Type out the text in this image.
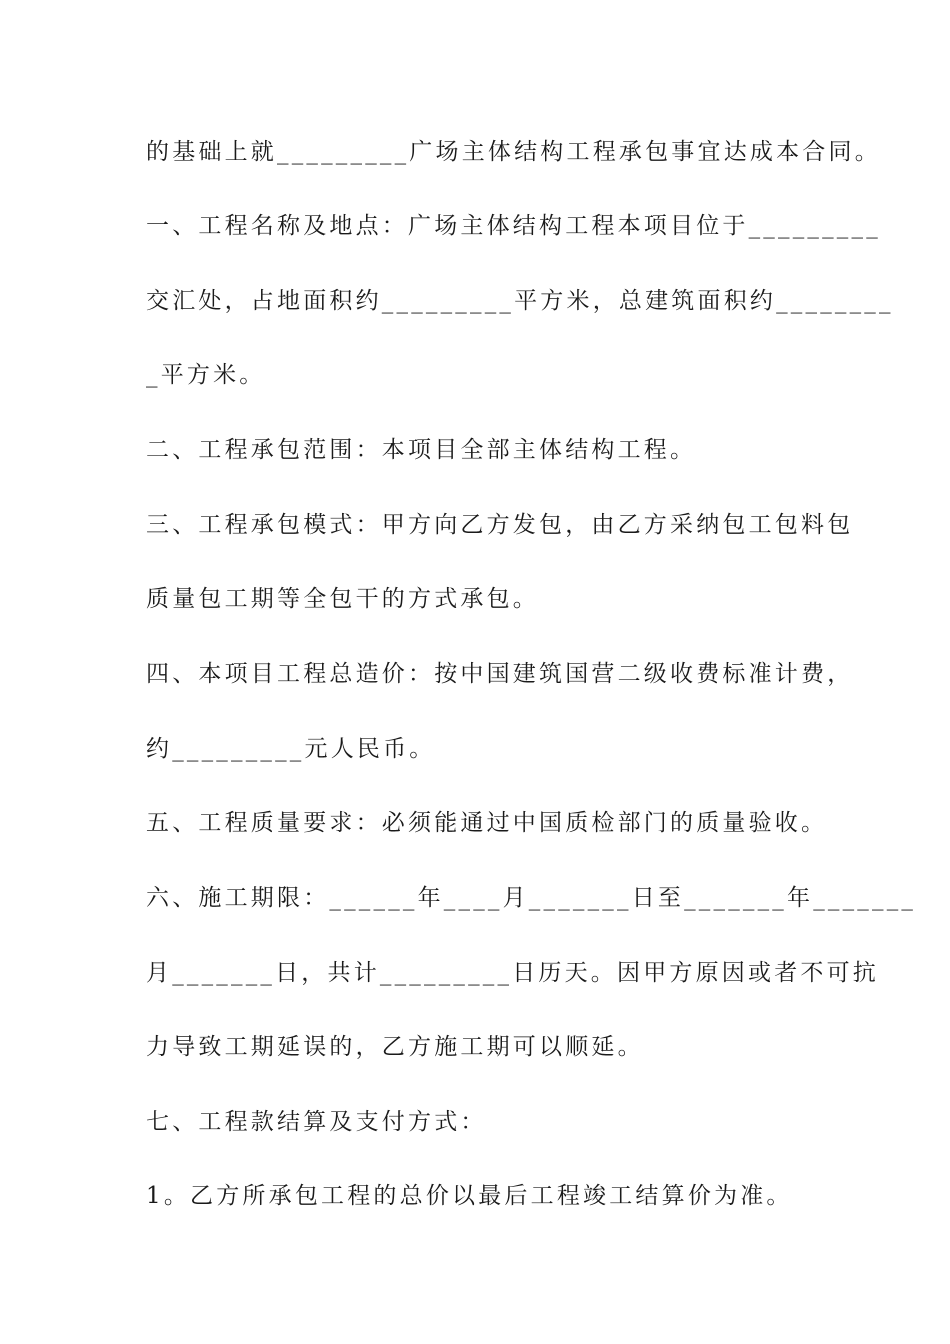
的基础上就_________广场主体结构工程承包事宜达成本合同。
一、工程名称及地点：广场主体结构工程本项目位于_________
交汇处，占地面积约_________平方米，总建筑面积约________
_平方米。
二、工程承包范围：本项目全部主体结构工程。
三、工程承包模式：甲方向乙方发包，由乙方采纳包工包料包
质量包工期等全包干的方式承包。
四、本项目工程总造价：按中国建筑国营二级收费标准计费，
约_________元人民币。
五、工程质量要求：必须能通过中国质检部门的质量验收。
六、施工期限：______年____月_______日至_______年_______
月_______日，共计_________日历天。因甲方原因或者不可抗
力导致工期延误的，乙方施工期可以顺延。
七、工程款结算及支付方式：
1。乙方所承包工程的总价以最后工程竣工结算价为准。
